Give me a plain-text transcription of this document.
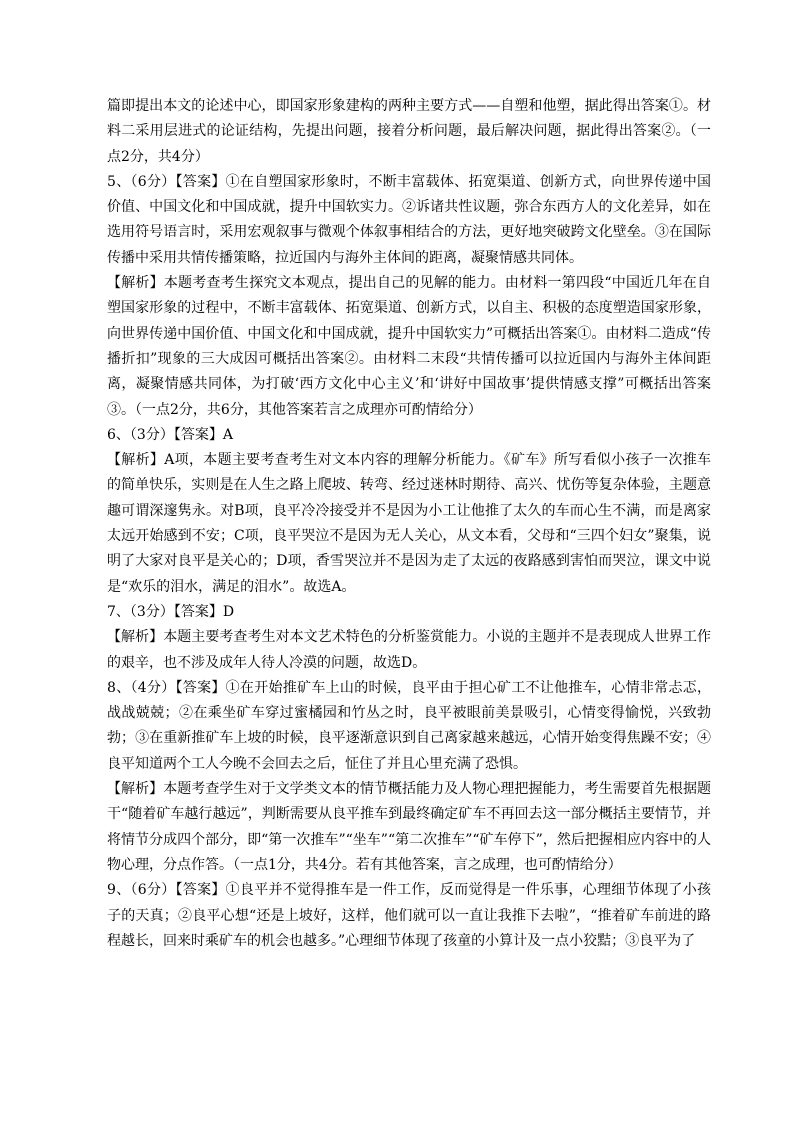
篇即提出本文的论述中心，即国家形象建构的两种主要方式——自塑和他塑，据此得出答案①。材料二采用层进式的论证结构，先提出问题，接着分析问题，最后解决问题，据此得出答案②。（一点2分，共4分）

5、（6分）【答案】①在自塑国家形象时，不断丰富载体、拓宽渠道、创新方式，向世界传递中国价值、中国文化和中国成就，提升中国软实力。②诉诸共性议题，弥合东西方人的文化差异，如在选用符号语言时，采用宏观叙事与微观个体叙事相结合的方法，更好地突破跨文化壁垒。③在国际传播中采用共情传播策略，拉近国内与海外主体间的距离，凝聚情感共同体。

【解析】本题考查考生探究文本观点，提出自己的见解的能力。由材料一第四段“中国近几年在自塑国家形象的过程中，不断丰富载体、拓宽渠道、创新方式，以自主、积极的态度塑造国家形象，向世界传递中国价值、中国文化和中国成就，提升中国软实力”可概括出答案①。由材料二造成“传播折扣”现象的三大成因可概括出答案②。由材料二末段“共情传播可以拉近国内与海外主体间距离，凝聚情感共同体，为打破‘西方文化中心主义’和‘讲好中国故事’提供情感支撑”可概括出答案③。（一点2分，共6分，其他答案若言之成理亦可酌情给分）

6、（3分）【答案】A

【解析】A项，本题主要考查考生对文本内容的理解分析能力。《矿车》所写看似小孩子一次推车的简单快乐，实则是在人生之路上爬坡、转弯、经过迷林时期待、高兴、忧伤等复杂体验，主题意趣可谓深邃隽永。对B项，良平冷冷接受并不是因为小工让他推了太久的车而心生不满，而是离家太远开始感到不安；C项，良平哭泣不是因为无人关心，从文本看，父母和“三四个妇女”聚集，说明了大家对良平是关心的；D项，香雪哭泣并不是因为走了太远的夜路感到害怕而哭泣，课文中说是“欢乐的泪水，满足的泪水”。故选A。

7、（3分）【答案】D

【解析】本题主要考查考生对本文艺术特色的分析鉴赏能力。小说的主题并不是表现成人世界工作的艰辛，也不涉及成年人待人冷漠的问题，故选D。

8、（4分）【答案】①在开始推矿车上山的时候，良平由于担心矿工不让他推车，心情非常忐忑，战战兢兢；②在乘坐矿车穿过蜜橘园和竹丛之时，良平被眼前美景吸引，心情变得愉悦，兴致勃勃；③在重新推矿车上坡的时候，良平逐渐意识到自己离家越来越远，心情开始变得焦躁不安；④良平知道两个工人今晚不会回去之后，怔住了并且心里充满了恐惧。

【解析】本题考查学生对于文学类文本的情节概括能力及人物心理把握能力，考生需要首先根据题干“随着矿车越行越远”，判断需要从良平推车到最终确定矿车不再回去这一部分概括主要情节，并将情节分成四个部分，即“第一次推车”“坐车”“第二次推车”“矿车停下”，然后把握相应内容中的人物心理，分点作答。（一点1分，共4分。若有其他答案，言之成理，也可酌情给分）

9、（6分）【答案】①良平并不觉得推车是一件工作，反而觉得是一件乐事，心理细节体现了小孩子的天真；②良平心想“还是上坡好，这样，他们就可以一直让我推下去啦”，“推着矿车前进的路程越长，回来时乘矿车的机会也越多。”心理细节体现了孩童的小算计及一点小狡黠；③良平为了
